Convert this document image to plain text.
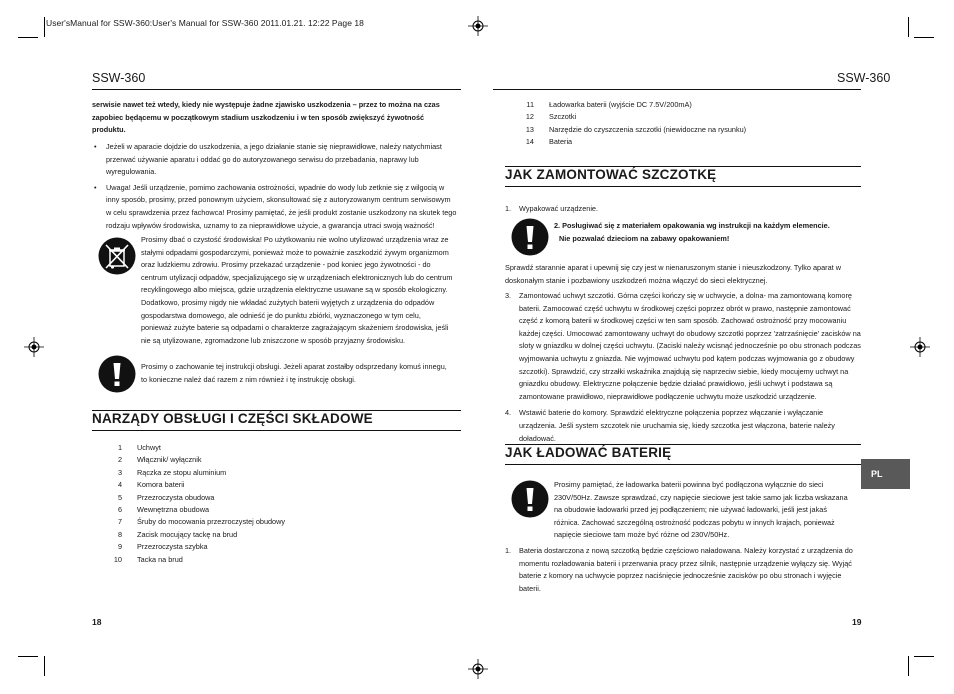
User'sManual for SSW-360:User's Manual for SSW-360 2011.01.21. 12:22 Page 18
SSW-360	SSW-360

serwisie nawet też wtedy, kiedy nie występuje żadne zjawisko uszkodzenia – przez to można na czas zapobiec będącemu w początkowym stadium uszkodzeniu i w ten sposób zwiększyć żywotność produktu.

• Jeżeli w aparacie dojdzie do uszkodzenia, a jego działanie stanie się nieprawidłowe, należy natychmiast przerwać używanie aparatu i oddać go do autoryzowanego serwisu do przebadania, naprawy lub wyregulowania.
• Uwaga! Jeśli urządzenie, pomimo zachowania ostrożności, wpadnie do wody lub zetknie się z wilgocią w inny sposób, prosimy, przed ponownym użyciem, skonsultować się z autoryzowanym centrum serwisowym w celu sprawdzenia przez fachowca! Prosimy pamiętać, że jeśli produkt zostanie uszkodzony na skutek tego rodzaju wpływów środowiska, uznamy to za nieprawidłowe użycie, a gwarancja utraci swoją ważność!

Prosimy dbać o czystość środowiska! Po użytkowaniu nie wolno utylizować urządzenia wraz ze stałymi odpadami gospodarczymi, ponieważ może to poważnie zaszkodzić żywym organizmom oraz ludzkiemu zdrowiu. Prosimy przekazać urządzenie - pod koniec jego żywotności - do centrum utylizacji odpadów, specjalizującego się w urządzeniach elektronicznych lub do centrum recyklingowego albo miejsca, gdzie urządzenia elektryczne usuwane są w sposób ekologiczny. Dodatkowo, prosimy nigdy nie wkładać zużytych baterii wyjętych z urządzenia do odpadów gospodarstwa domowego, ale odnieść je do punktu zbiórki, wyznaczonego w tym celu, ponieważ zużyte baterie są odpadami o charakterze zagrażającym skażeniem środowiska, jeśli nie są utylizowane, zgromadzone lub zniszczone w sposób przyjazny środowisku.

Prosimy o zachowanie tej instrukcji obsługi. Jeżeli aparat zostałby odsprzedany komuś innegu, to konieczne należ dać razem z nim również i tę instrukcję obsługi.

NARZĄDY OBSŁUGI I CZĘŚCI SKŁADOWE
1 Uchwyt
2 Włącznik/ wyłącznik
3 Rączka ze stopu aluminium
4 Komora baterii
5 Przezroczysta obudowa
6 Wewnętrzna obudowa
7 Śruby do mocowania przezroczystej obudowy
8 Zacisk mocujący tackę na brud
9 Przezroczysta szybka
10 Tacka na brud
18
11 Ładowarka baterii (wyjście DC 7.5V/200mA)
12 Szczotki
13 Narzędzie do czyszczenia szczotki (niewidoczne na rysunku)
14 Bateria
JAK ZAMONTOWAĆ SZCZOTKĘ
1. Wypakować urządzenie.

2. Posługiwać się z materiałem opakowania wg instrukcji na każdym elemencie.
Nie pozwalać dzieciom na zabawy opakowaniem!

Sprawdź starannie aparat i upewnij się czy jest w nienaruszonym stanie i nieuszkodzony. Tylko aparat w doskonałym stanie i pozbawiony uszkodzeń można włączyć do sieci elektrycznej.

3. Zamontować uchwyt szczotki. Górna części kończy się w uchwycie, a dolna- ma zamontowaną komorę baterii. Zamocować część uchwytu w środkowej części poprzez obrót w prawo, następnie zamontować część z komorą baterii w środkowej części w ten sam sposób. Zachować ostrożność przy mocowaniu każdej części. Umocować zamontowany uchwyt do obudowy szczotki poprzez 'zatrzaśnięcie' zacisków na sloty w gniazdku w dolnej części uchwytu. (Zaciski należy wcisnąć jednocześnie po obu stronach podczas wyjmowania uchwytu z gniazda. Nie wyjmować uchwytu pod kątem podczas wyjmowania go z obudowy szczotki). Sprawdzić, czy strzałki wskaźnika znajdują się naprzeciw siebie, kiedy mocujemy uchwyt na gniazdku obudowy. Elektryczne połączenie będzie działać prawidłowo, jeśli uchwyt i podstawa są zamontowane prawidłowo, nieprawidłowe podłączenie uchwytu może uszkodzić urządzenie.
4. Wstawić baterie do komory. Sprawdzić elektryczne połączenia poprzez włączanie i wyłączanie urządzenia. Jeśli system szczotek nie uruchamia się, kiedy szczotka jest włączona, baterie należy doładować.
JAK ŁADOWAĆ BATERIĘ

Prosimy pamiętać, że ładowarka baterii powinna być podłączona wyłącznie do sieci 230V/50Hz. Zawsze sprawdzać, czy napięcie sieciowe jest takie samo jak liczba wskazana na obudowie ładowarki przed jej podłączeniem; nie używać ładowarki, jeśli jest jakaś różnica. Zachować szczególną ostrożność podczas pobytu w innych krajach, ponieważ napięcie sieciowe tam może być różne od 230V/50Hz.

1. Bateria dostarczona z nową szczotką będzie częściowo naładowana. Należy korzystać z urządzenia do momentu rozładowania baterii i przerwania pracy przez silnik, następnie urządzenie wyłączy się. Wyjąć baterie z komory na uchwycie poprzez naciśnięcie jednocześnie zacisków po obu stronach i wyjęcie baterii.
PL
19
